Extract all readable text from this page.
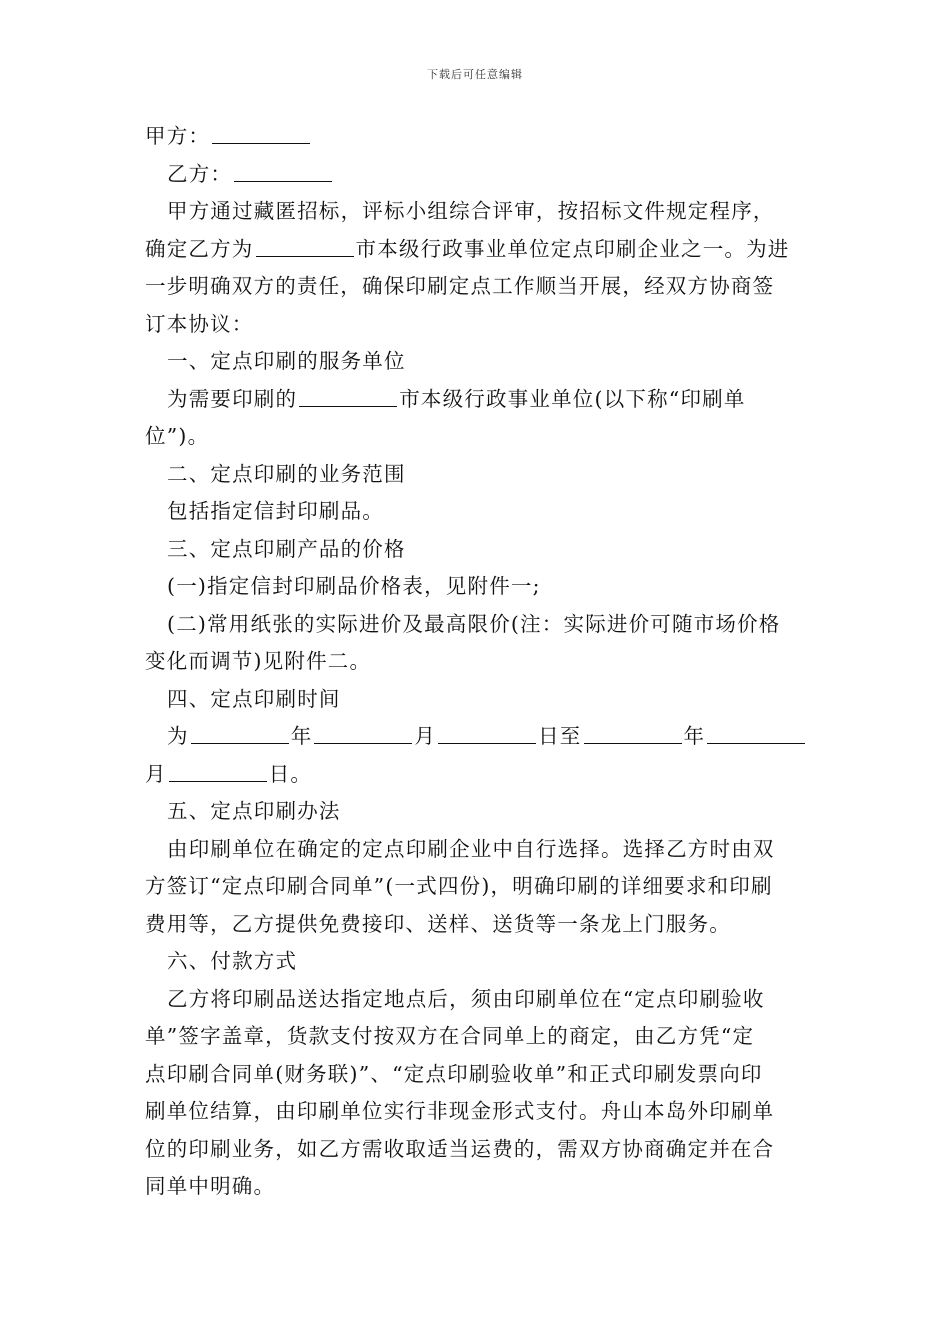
下载后可任意编辑
甲方：
乙方：
甲方通过藏匿招标，评标小组综合评审，按招标文件规定程序，
确定乙方为	市本级行政事业单位定点印刷企业之一。为进
一步明确双方的责任，确保印刷定点工作顺当开展，经双方协商签
订本协议：
一、定点印刷的服务单位
为需要印刷的	市本级行政事业单位(以下称“印刷单
位”)。
二、定点印刷的业务范围
包括指定信封印刷品。
三、定点印刷产品的价格
(一)指定信封印刷品价格表，见附件一;
(二)常用纸张的实际进价及最高限价(注：实际进价可随市场价格
变化而调节)见附件二。
四、定点印刷时间
为	年	月	日至	年
月	日。
五、定点印刷办法
由印刷单位在确定的定点印刷企业中自行选择。选择乙方时由双
方签订“定点印刷合同单”(一式四份)，明确印刷的详细要求和印刷
费用等，乙方提供免费接印、送样、送货等一条龙上门服务。
六、付款方式
乙方将印刷品送达指定地点后，须由印刷单位在“定点印刷验收
单”签字盖章，货款支付按双方在合同单上的商定，由乙方凭“定
点印刷合同单(财务联)”、“定点印刷验收单”和正式印刷发票向印
刷单位结算，由印刷单位实行非现金形式支付。舟山本岛外印刷单
位的印刷业务，如乙方需收取适当运费的，需双方协商确定并在合
同单中明确。
